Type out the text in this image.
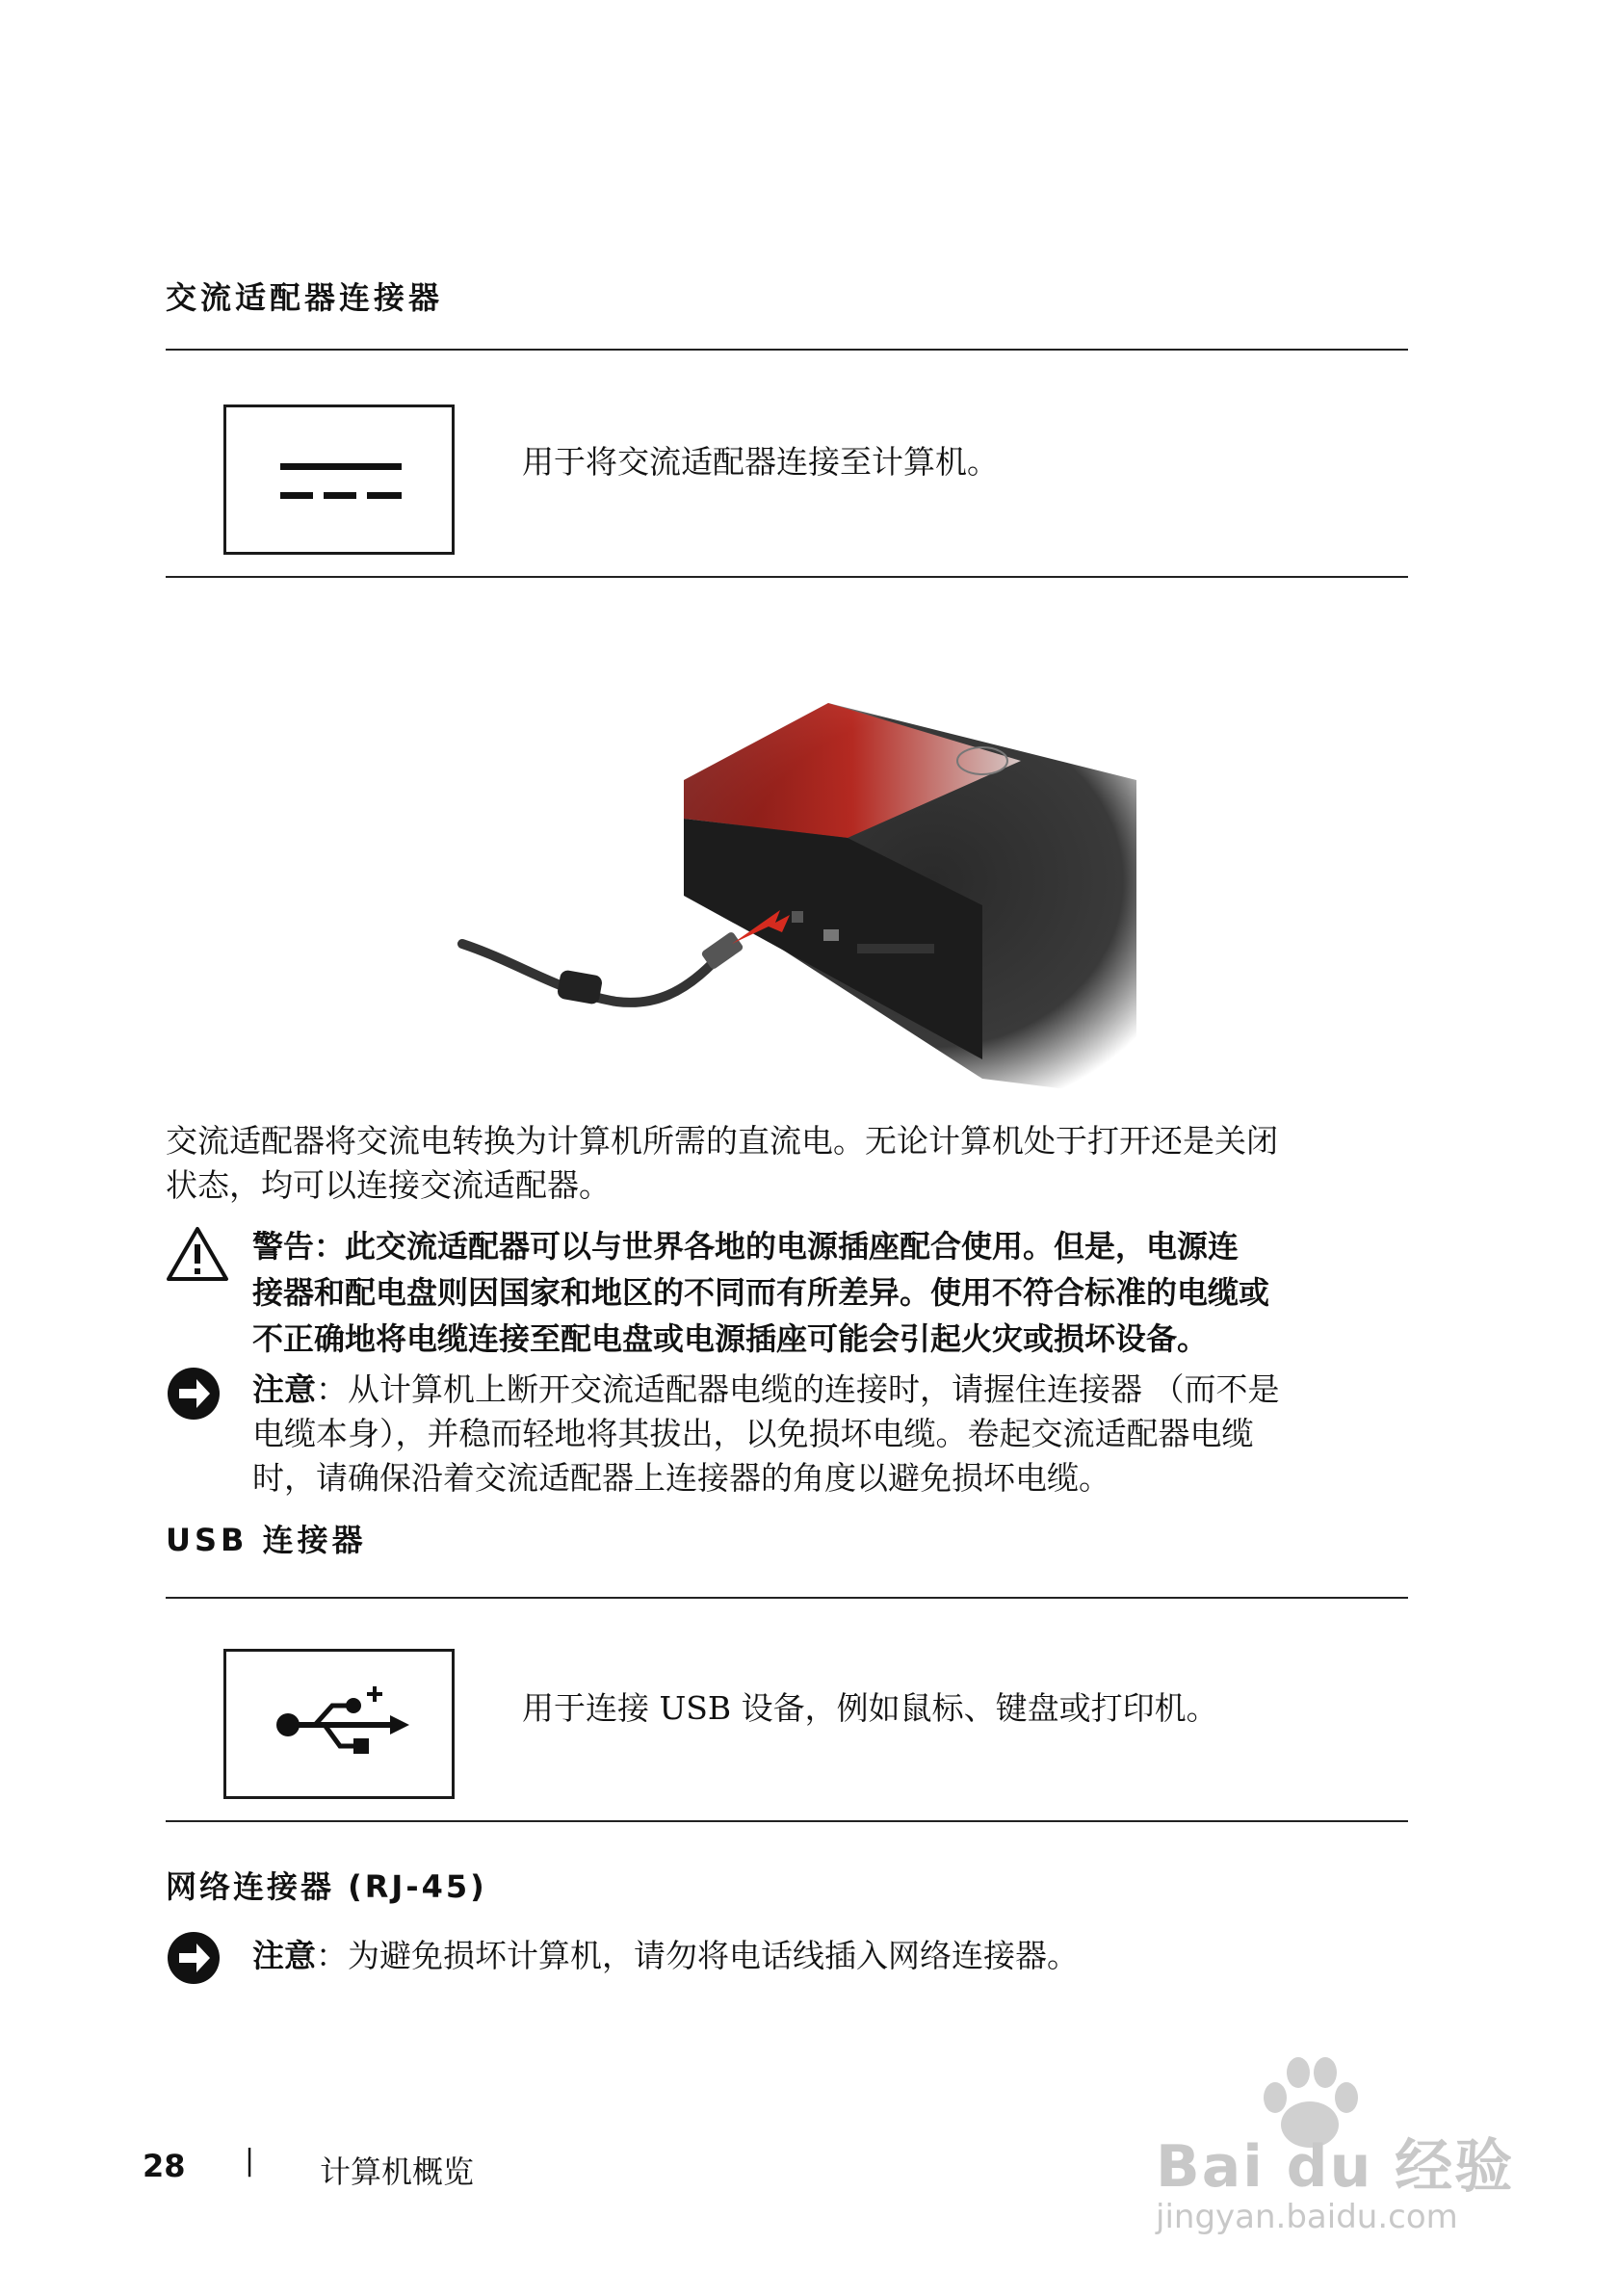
交流适配器连接器
用于将交流适配器连接至计算机。
交流适配器将交流电转换为计算机所需的直流电。无论计算机处于打开还是关闭
状态，均可以连接交流适配器。
警告：此交流适配器可以与世界各地的电源插座配合使用。但是，电源连
接器和配电盘则因国家和地区的不同而有所差异。使用不符合标准的电缆或
不正确地将电缆连接至配电盘或电源插座可能会引起火灾或损坏设备。
注意：从计算机上断开交流适配器电缆的连接时，请握住连接器 （而不是
电缆本身），并稳而轻地将其拔出，以免损坏电缆。卷起交流适配器电缆
时，请确保沿着交流适配器上连接器的角度以避免损坏电缆。
USB 连接器
用于连接 USB 设备，例如鼠标、键盘或打印机。
网络连接器 (RJ-45)
注意：为避免损坏计算机，请勿将电话线插入网络连接器。
28 | 计算机概览	Bai du 经验
jingyan.baidu.com
